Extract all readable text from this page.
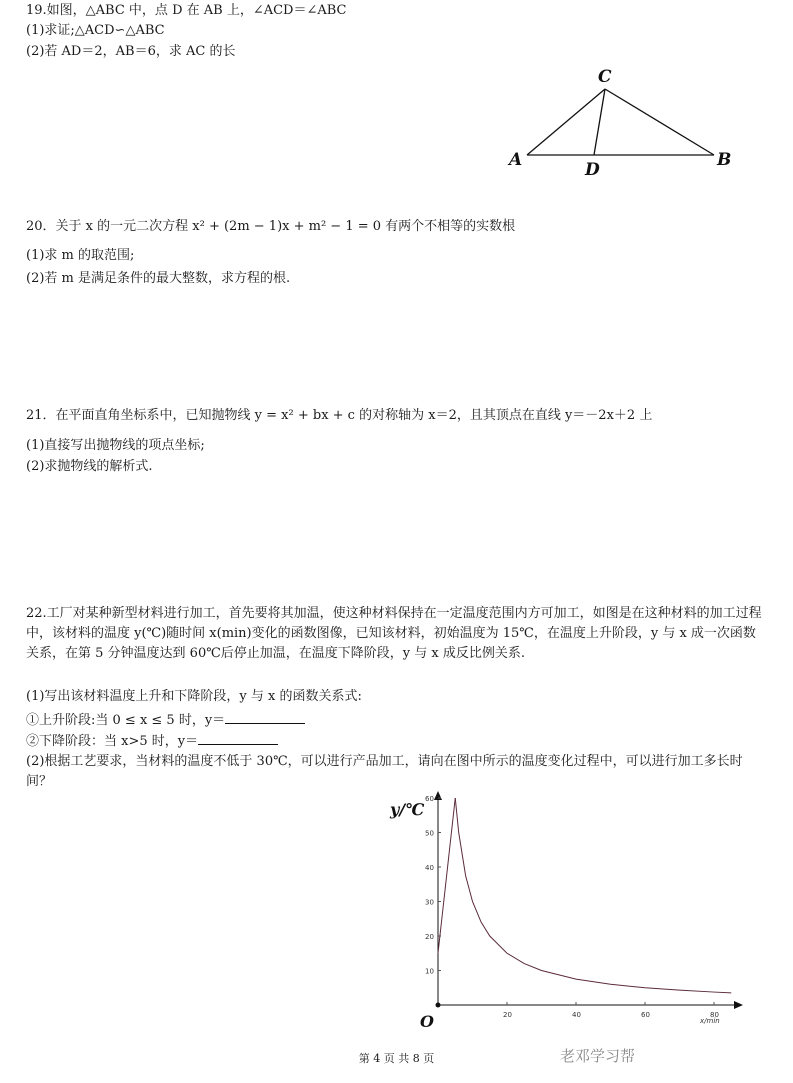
19.如图，△ABC 中，点 D 在 AB 上，∠ACD＝∠ABC
(1)求证;△ACD∽△ABC
(2)若 AD＝2，AB＝6，求 AC 的长
C
A	D	B
y/℃
O	x/min
20	40	60	80
10
20
30
40
50
60
20．关于 x 的一元二次方程 x² + (2m − 1)x + m² − 1 = 0 有两个不相等的实数根
(1)求 m 的取范围;
(2)若 m 是满足条件的最大整数，求方程的根.
21．在平面直角坐标系中，已知抛物线 y = x² + bx + c 的对称轴为 x＝2，且其顶点在直线 y＝－2x＋2 上
(1)直接写出抛物线的项点坐标;
(2)求抛物线的解析式.
22.工厂对某种新型材料进行加工，首先要将其加温，使这种材料保持在一定温度范围内方可加工，如图是在这种材料的加工过程中，该材料的温度 y(℃)随时间 x(min)变化的函数图像，已知该材料，初始温度为 15℃，在温度上升阶段，y 与 x 成一次函数关系，在第 5 分钟温度达到 60℃后停止加温，在温度下降阶段，y 与 x 成反比例关系.
(1)写出该材料温度上升和下降阶段，y 与 x 的函数关系式:
①上升阶段:当 0 ≤ x ≤ 5 时，y＝
②下降阶段：当 x>5 时，y＝
(2)根据工艺要求，当材料的温度不低于 30℃，可以进行产品加工，请向在图中所示的温度变化过程中，可以进行加工多长时间？
第 4 页 共 8 页	老邓学习帮
